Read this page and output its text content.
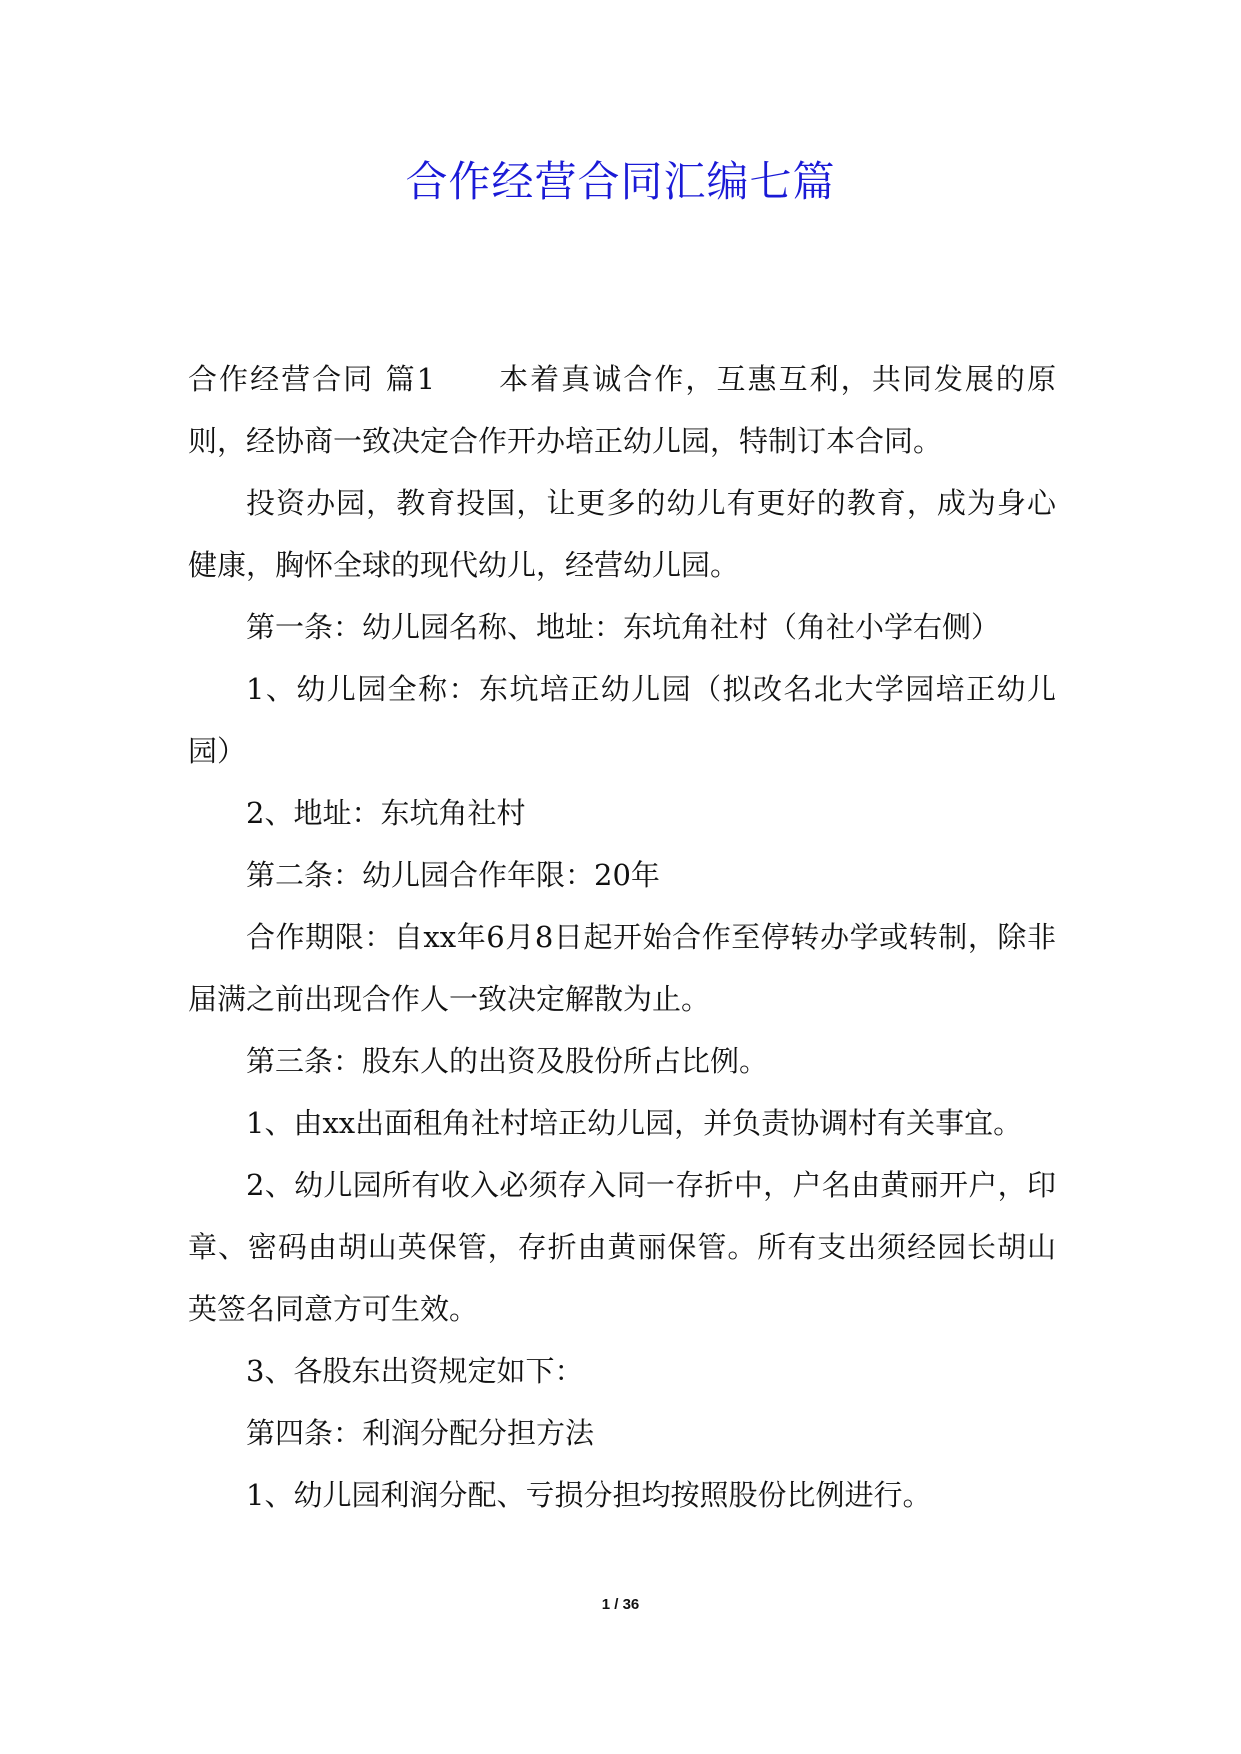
合作经营合同汇编七篇

合作经营合同 篇1 本着真诚合作，互惠互利，共同发展的原则，经协商一致决定合作开办培正幼儿园，特制订本合同。

投资办园，教育投国，让更多的幼儿有更好的教育，成为身心健康，胸怀全球的现代幼儿，经营幼儿园。

第一条：幼儿园名称、地址：东坑角社村（角社小学右侧）

1、幼儿园全称：东坑培正幼儿园（拟改名北大学园培正幼儿园）

2、地址：东坑角社村

第二条：幼儿园合作年限：20年

合作期限：自xx年6月8日起开始合作至停转办学或转制，除非届满之前出现合作人一致决定解散为止。

第三条：股东人的出资及股份所占比例。

1、由xx出面租角社村培正幼儿园，并负责协调村有关事宜。

2、幼儿园所有收入必须存入同一存折中，户名由黄丽开户，印章、密码由胡山英保管，存折由黄丽保管。所有支出须经园长胡山英签名同意方可生效。

3、各股东出资规定如下：

第四条：利润分配分担方法

1、幼儿园利润分配、亏损分担均按照股份比例进行。

1 / 36
